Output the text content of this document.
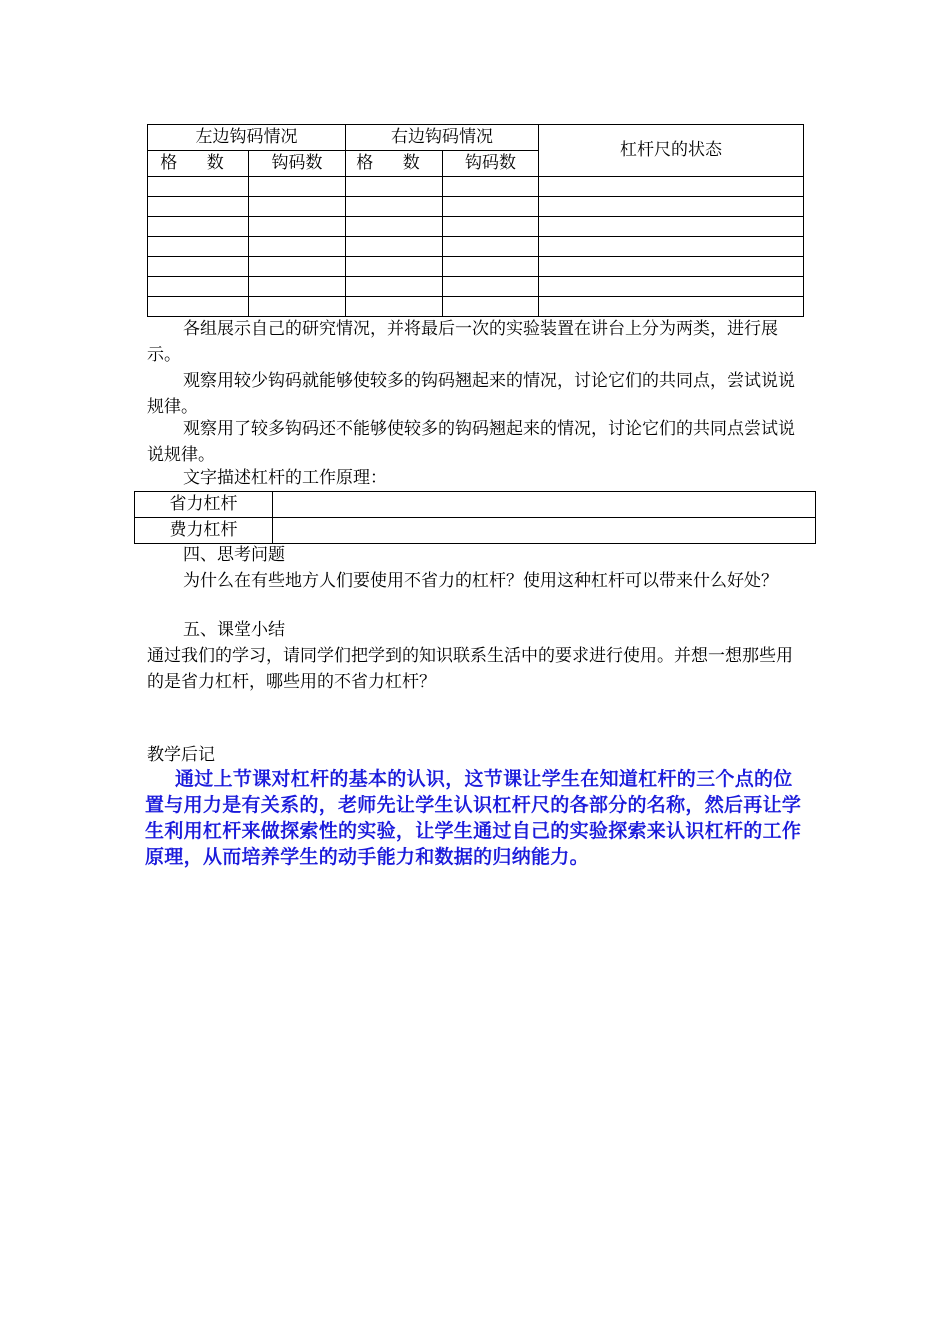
左边钩码情况		右边钩码情况		杠杆尺的状态
格 数	钩码数	格 数	钩码数	

各组展示自己的研究情况，并将最后一次的实验装置在讲台上分为两类，进行展示。
观察用较少钩码就能够使较多的钩码翘起来的情况，讨论它们的共同点，尝试说说规律。
观察用了较多钩码还不能够使较多的钩码翘起来的情况，讨论它们的共同点尝试说说规律。
文字描述杠杆的工作原理：
省力杠杆	
费力杠杆	
四、思考问题
为什么在有些地方人们要使用不省力的杠杆？使用这种杠杆可以带来什么好处？
五、课堂小结
通过我们的学习，请同学们把学到的知识联系生活中的要求进行使用。并想一想那些用的是省力杠杆，哪些用的不省力杠杆？
教学后记
通过上节课对杠杆的基本的认识，这节课让学生在知道杠杆的三个点的位置与用力是有关系的，老师先让学生认识杠杆尺的各部分的名称，然后再让学生利用杠杆来做探索性的实验，让学生通过自己的实验探索来认识杠杆的工作原理，从而培养学生的动手能力和数据的归纳能力。
